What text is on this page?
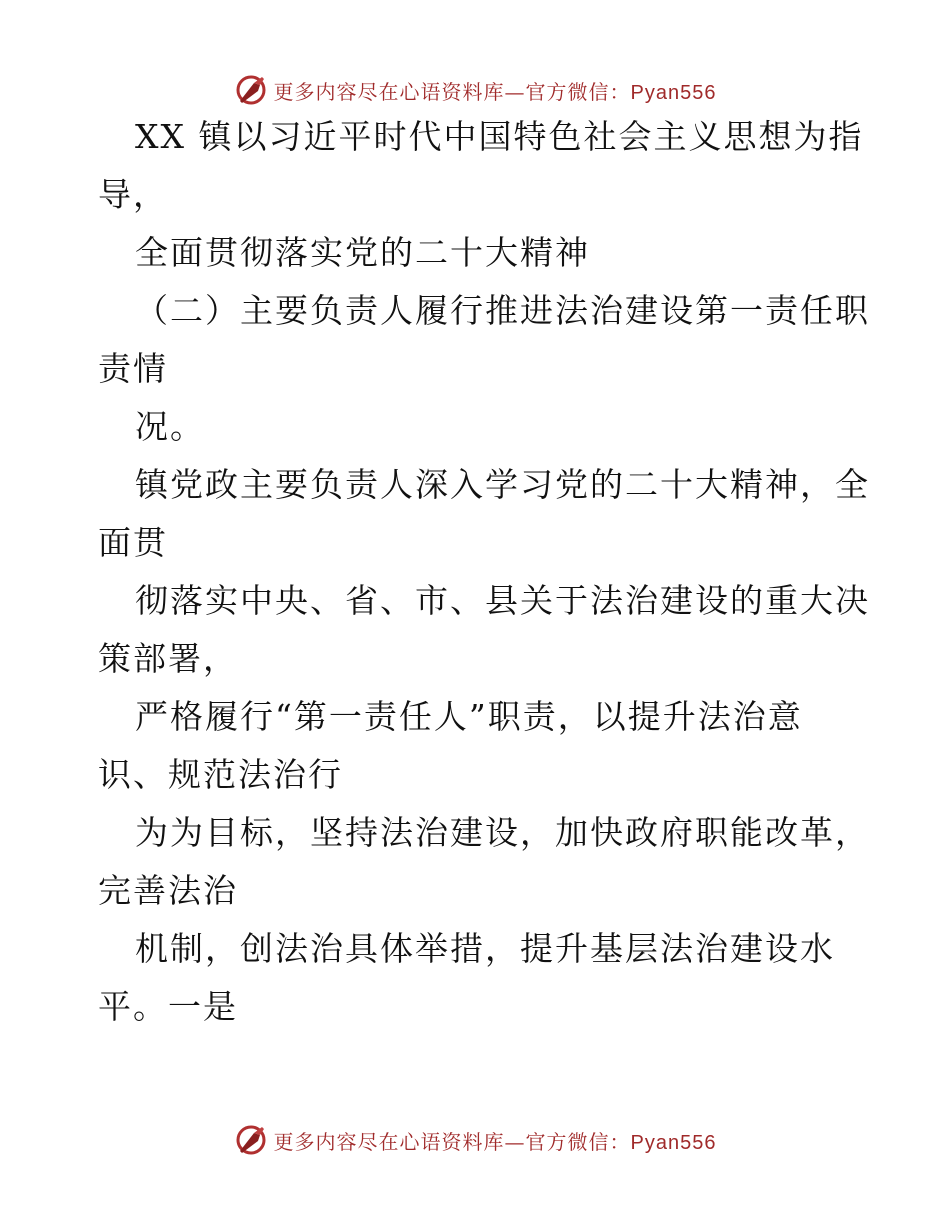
更多内容尽在心语资料库—官方微信：Pyan556
XX 镇以习近平时代中国特色社会主义思想为指
导，
全面贯彻落实党的二十大精神
（二）主要负责人履行推进法治建设第一责任职
责情
况。
镇党政主要负责人深入学习党的二十大精神，全
面贯
彻落实中央、省、市、县关于法治建设的重大决
策部署，
严格履行“第一责任人”职责，以提升法治意
识、规范法治行
为为目标，坚持法治建设，加快政府职能改革，
完善法治
机制，创法治具体举措，提升基层法治建设水
平。一是
更多内容尽在心语资料库—官方微信：Pyan556
